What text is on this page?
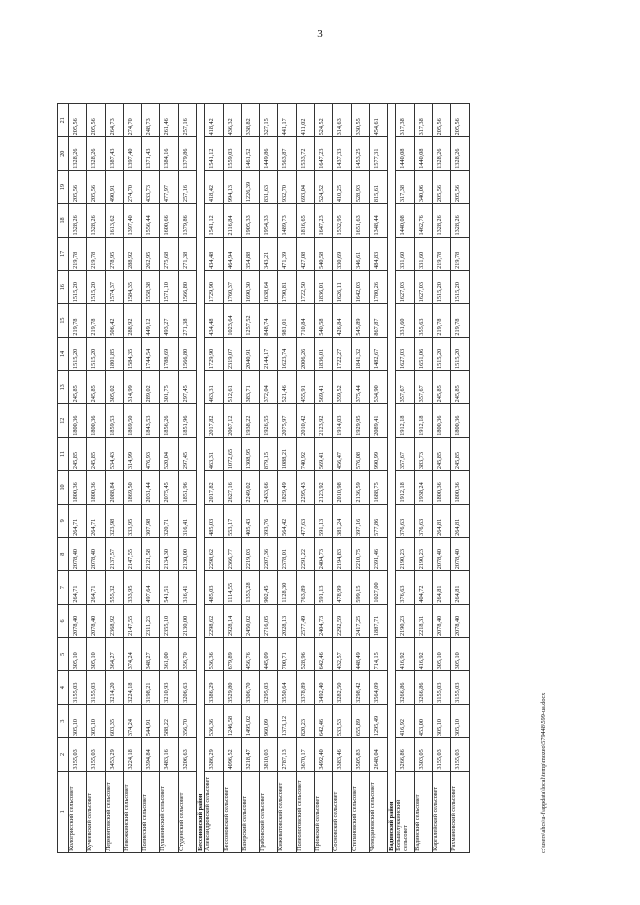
3
1	2	3	4	5	6	7	8	9	10	11	12	13	14	15	16	17	18	19	20	21
Кологрисский сельсовет	3155,03	305,10	3155,03	305,10	2078,40	264,71	2078,40	264,71	1800,36	245,85	1800,36	245,85	1515,20	219,78	1515,20	219,78	1328,26	205,56	1328,26	205,56
Кучеевский сельсовет	3155,03	305,10	3155,03	305,10	2078,40	264,71	2078,40	264,71	1800,36	245,85	1800,36	245,85	1515,20	219,78	1515,20	219,78	1328,26	205,56	1328,26	205,56
Лермонтовский сельсовет	3453,29	603,35	3214,20	364,27	2368,92	555,32	2137,57	323,98	2088,84	534,43	1859,53	305,02	1801,85	506,42	1574,37	278,95	1613,62	490,91	1387,43	264,73
Невежкинский сельсовет	3224,18	374,24	3224,18	374,24	2147,55	333,95	2147,55	333,95	1869,50	314,99	1869,50	314,99	1584,35	288,92	1584,35	288,92	1397,40	274,70	1397,40	274,70
Полнеский сельсовет	3394,84	544,91	3198,21	348,27	2311,23	497,64	2121,58	307,98	2031,44	476,93	1843,53	289,02	1744,54	449,12	1558,38	262,95	1556,44	433,73	1371,43	248,73
Пушанинский сельсовет	3483,16	588,22	3210,93	361,00	2355,10	541,51	2134,30	320,71	2075,45	520,04	1856,26	301,75	1788,69	493,27	1571,10	275,68	1600,66	477,97	1384,16	261,46
Студенский сельсовет	3206,63	356,70	3206,63	356,70	2130,00	316,41	2130,00	316,41	1851,96	297,45	1851,96	297,45	1566,80	271,38	1566,80	271,38	1379,86	257,16	1379,86	257,16
Бессоновский район																				
Александровский сельсовет	3386,29	536,36	3386,29	536,36	2298,62	485,03	2298,62	485,03	2017,82	463,31	2017,82	463,31	1729,90	434,48	1729,90	434,48	1541,12	418,42	1541,12	418,42
Бессоновский сельсовет	4096,52	1246,58	3529,80	679,89	2928,14	1114,55	2366,77	553,17	2627,16	1072,65	2067,12	512,61	2319,07	1023,64	1760,37	464,94	2116,84	994,13	1559,03	436,32
Вазерский сельсовет	3218,47	1495,02	3306,70	456,76	2450,02	1353,28	2219,03	405,43	2249,02	1308,95	1938,22	383,71	2040,91	1257,52	1690,30	354,88	1905,33	1226,39	1461,52	338,82
Грабовский сельсовет	3810,03	960,09	3295,03	445,09	2716,05	902,45	2207,36	393,76	2433,66	879,15	1926,55	372,04	2144,17	848,74	1638,64	343,21	1954,33	831,63	1449,86	327,15
Кижеватовский сельсовет	2787,13	1373,12	3550,64	700,71	2028,13	1128,30	2378,01	564,42	1829,49	1088,21	2075,97	521,46	1623,74	981,01	1790,81	471,39	1489,73	932,70	1563,87	441,17
Полеологовский сельсовет	3670,17	820,23	3378,89	528,96	2577,49	763,89	2291,22	477,63	2295,43	740,92	2010,42	455,91	2006,26	710,84	1722,50	427,08	1816,65	693,04	1533,72	411,02
Пріокский сельсовет	3492,40	642,46	3492,40	642,46	2404,73	591,13	2404,73	591,13	2123,92	569,41	2123,92	569,41	1836,01	540,58	1836,01	540,58	1647,23	524,52	1647,23	524,52
Сосновский сельсовет	3383,46	533,53	3282,50	432,57	2292,59	478,99	2194,83	381,24	2010,98	456,47	1914,03	359,52	1722,27	426,84	1626,11	330,69	1532,95	410,25	1437,33	314,63
Степановский сельсовет	3505,83	655,89	3298,42	448,49	2417,25	599,15	2210,75	397,16	2136,59	576,08	1929,95	375,44	1841,32	545,89	1642,03	346,61	1651,63	528,93	1453,25	330,55
Чемодановский сельсовет	2648,04	1295,49	3564,09	714,15	1887,71	1027,00	2391,46	577,86	1688,75	990,99	2089,41	534,90	1482,67	867,87	1780,26	484,83	1348,44	815,61	1577,31	454,61
Вадинский район																				
Большелуккинский сельсовет	3266,86	416,92	3266,86	416,92	2190,23	376,63	2190,23	376,63	1912,18	357,67	1912,18	357,67	1627,03	331,60	1627,03	331,60	1440,08	317,38	1440,08	317,38
Вадинский сельсовет	3303,05	453,00	3266,86	416,92	2218,31	404,72	2190,23	376,63	1938,24	383,73	1912,18	357,67	1651,06	355,63	1627,03	331,60	1462,76	340,06	1440,08	317,38
Каргалейский сельсовет	3155,03	305,10	3155,03	305,10	2078,40	264,81	2078,40	264,81	1800,36	245,85	1800,36	245,85	1515,20	219,78	1515,20	219,78	1328,26	205,56	1328,26	205,56
Рахмановский сельсовет	3155,03	305,10	3155,03	305,10	2078,40	264,81	2078,40	264,81	1800,36	245,85	1800,36	245,85	1515,20	219,78	1515,20	219,78	1328,26	205,56	1328,26	205,56
c:\users\ahcs\u-f\appdata\local\temp\mozeo\579448\599-ua.docx
